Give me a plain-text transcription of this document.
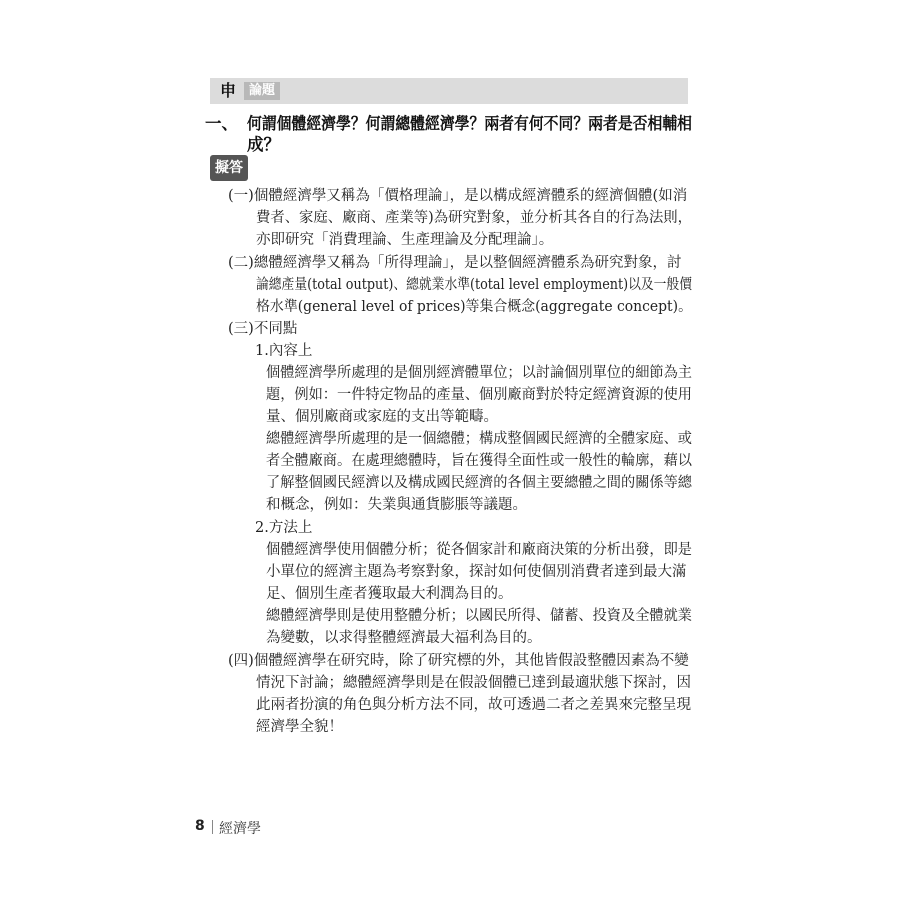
申 論題
一、 何謂個體經濟學？何謂總體經濟學？兩者有何不同？兩者是否相輔相
成？
擬答
(一)個體經濟學又稱為「價格理論」，是以構成經濟體系的經濟個體(如消
費者、家庭、廠商、產業等)為研究對象，並分析其各自的行為法則，
亦即研究「消費理論、生產理論及分配理論」。
(二)總體經濟學又稱為「所得理論」，是以整個經濟體系為研究對象，討
論總產量(total output)、總就業水準(total level employment)以及一般價
格水準(general level of prices)等集合概念(aggregate concept)。
(三)不同點
1.內容上
個體經濟學所處理的是個別經濟體單位；以討論個別單位的細節為主
題，例如：一件特定物品的產量、個別廠商對於特定經濟資源的使用
量、個別廠商或家庭的支出等範疇。
總體經濟學所處理的是一個總體；構成整個國民經濟的全體家庭、或
者全體廠商。在處理總體時，旨在獲得全面性或一般性的輪廓，藉以
了解整個國民經濟以及構成國民經濟的各個主要總體之間的關係等總
和概念，例如：失業與通貨膨脹等議題。
2.方法上
個體經濟學使用個體分析；從各個家計和廠商決策的分析出發，即是
小單位的經濟主題為考察對象，探討如何使個別消費者達到最大滿
足、個別生產者獲取最大利潤為目的。
總體經濟學則是使用整體分析；以國民所得、儲蓄、投資及全體就業
為變數，以求得整體經濟最大福利為目的。
(四)個體經濟學在研究時，除了研究標的外，其他皆假設整體因素為不變
情況下討論；總體經濟學則是在假設個體已達到最適狀態下探討，因
此兩者扮演的角色與分析方法不同，故可透過二者之差異來完整呈現
經濟學全貌！
8 經濟學
